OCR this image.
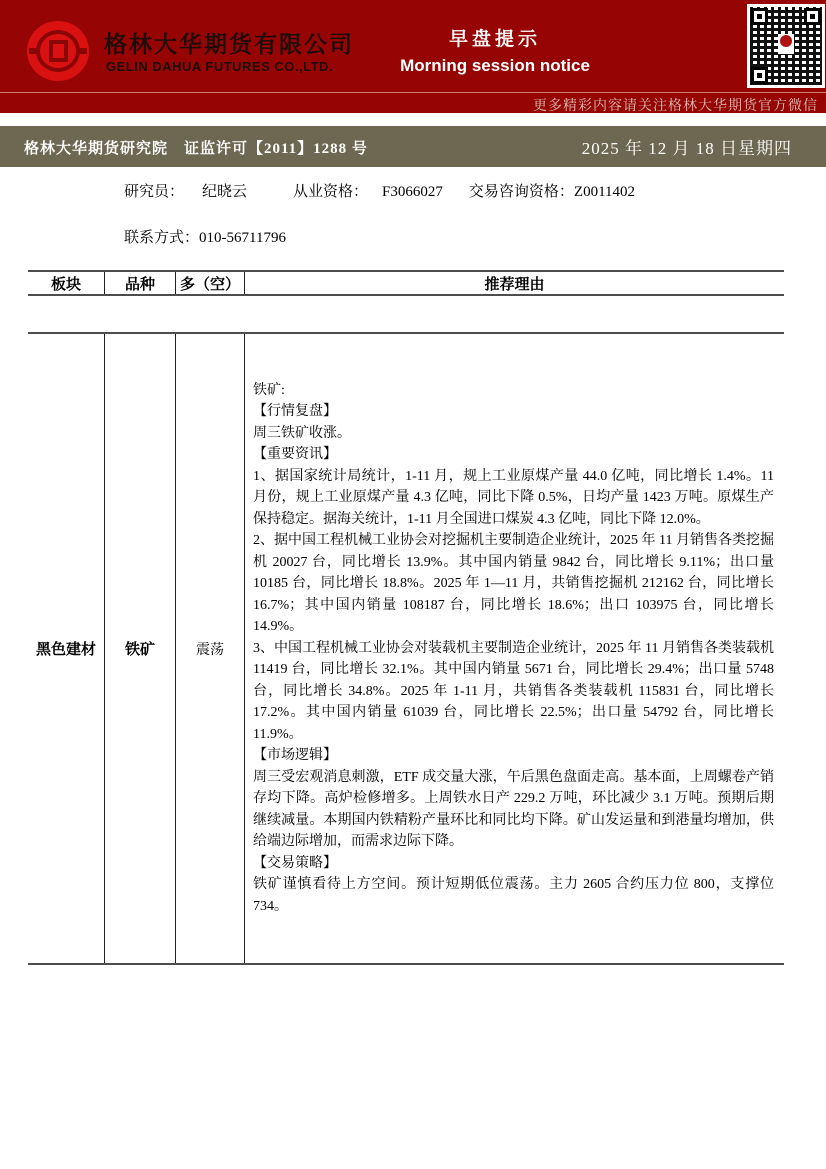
格林大华期货有限公司
GELIN DAHUA FUTURES CO.,LTD.
早盘提示
Morning session notice
更多精彩内容请关注格林大华期货官方微信
格林大华期货研究院　证监许可【2011】1288 号	2025 年 12 月 18 日星期四
研究员： 纪晓云	从业资格： F3066027 交易咨询资格：Z0011402
联系方式：010-56711796
板块	品种	多（空）	推荐理由
黑色建材	铁矿	震荡
铁矿:
【行情复盘】
周三铁矿收涨。
【重要资讯】
1、据国家统计局统计，1-11 月，规上工业原煤产量 44.0 亿吨，同比增长 1.4%。11 月份，规上工业原煤产量 4.3 亿吨，同比下降 0.5%，日均产量 1423 万吨。原煤生产保持稳定。据海关统计，1-11 月全国进口煤炭 4.3 亿吨，同比下降 12.0%。
2、据中国工程机械工业协会对挖掘机主要制造企业统计，2025 年 11 月销售各类挖掘机 20027 台，同比增长 13.9%。其中国内销量 9842 台，同比增长 9.11%；出口量 10185 台，同比增长 18.8%。2025 年 1—11 月，共销售挖掘机 212162 台，同比增长 16.7%；其中国内销量 108187 台，同比增长 18.6%；出口 103975 台，同比增长 14.9%。
3、中国工程机械工业协会对装载机主要制造企业统计，2025 年 11 月销售各类装载机 11419 台，同比增长 32.1%。其中国内销量 5671 台，同比增长 29.4%；出口量 5748 台，同比增长 34.8%。2025 年 1-11 月，共销售各类装载机 115831 台，同比增长 17.2%。其中国内销量 61039 台，同比增长 22.5%；出口量 54792 台，同比增长 11.9%。
【市场逻辑】
周三受宏观消息刺激，ETF 成交量大涨，午后黑色盘面走高。基本面，上周螺卷产销存均下降。高炉检修增多。上周铁水日产 229.2 万吨，环比减少 3.1 万吨。预期后期继续减量。本期国内铁精粉产量环比和同比均下降。矿山发运量和到港量均增加，供给端边际增加，而需求边际下降。
【交易策略】
铁矿谨慎看待上方空间。预计短期低位震荡。主力 2605 合约压力位 800，支撑位 734。
